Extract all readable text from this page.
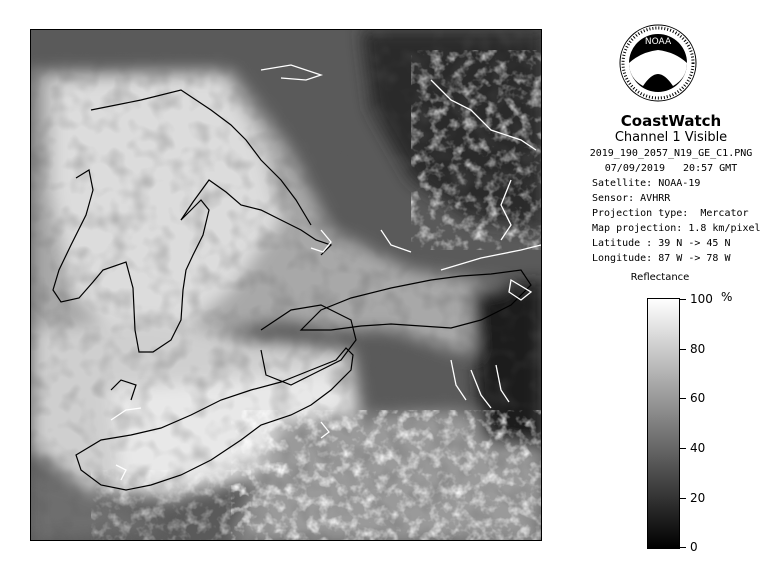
NOAA
CoastWatch
Channel 1 Visible
2019_190_2057_N19_GE_C1.PNG
07/09/2019   20:57 GMT
Satellite: NOAA-19
Sensor: AVHRR
Projection type:  Mercator
Map projection: 1.8 km/pixel
Latitude : 39 N -> 45 N
Longitude: 87 W -> 78 W
Reflectance
%
100
80
60
40
20
0
